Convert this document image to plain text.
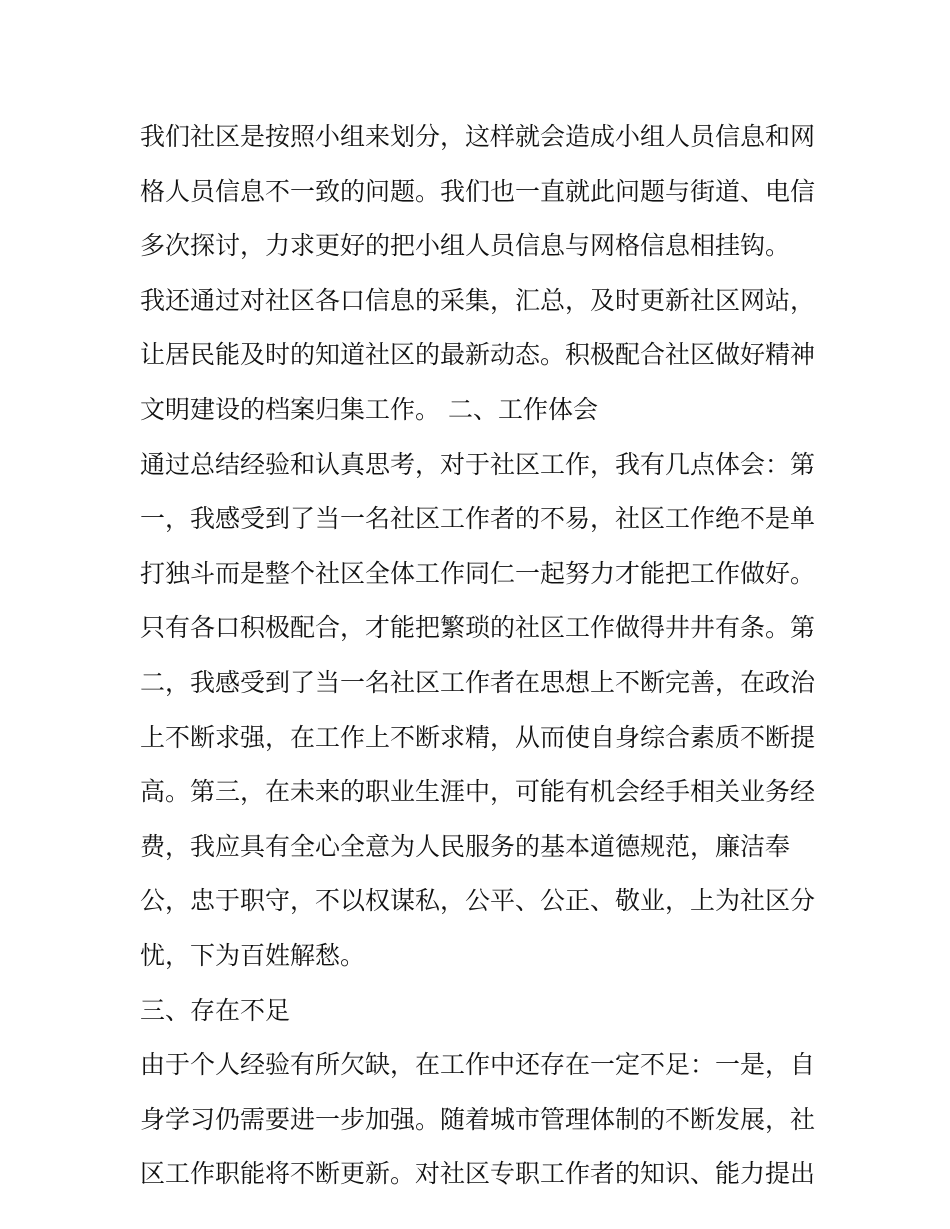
我们社区是按照小组来划分，这样就会造成小组人员信息和网
格人员信息不一致的问题。我们也一直就此问题与街道、电信
多次探讨，力求更好的把小组人员信息与网格信息相挂钩。
我还通过对社区各口信息的采集，汇总，及时更新社区网站，
让居民能及时的知道社区的最新动态。积极配合社区做好精神
文明建设的档案归集工作。 二、工作体会
通过总结经验和认真思考，对于社区工作，我有几点体会：第
一，我感受到了当一名社区工作者的不易，社区工作绝不是单
打独斗而是整个社区全体工作同仁一起努力才能把工作做好。
只有各口积极配合，才能把繁琐的社区工作做得井井有条。第
二，我感受到了当一名社区工作者在思想上不断完善，在政治
上不断求强，在工作上不断求精，从而使自身综合素质不断提
高。第三，在未来的职业生涯中，可能有机会经手相关业务经
费，我应具有全心全意为人民服务的基本道德规范，廉洁奉
公，忠于职守，不以权谋私，公平、公正、敬业，上为社区分
忧，下为百姓解愁。
三、存在不足
由于个人经验有所欠缺，在工作中还存在一定不足：一是，自
身学习仍需要进一步加强。随着城市管理体制的不断发展，社
区工作职能将不断更新。对社区专职工作者的知识、能力提出
